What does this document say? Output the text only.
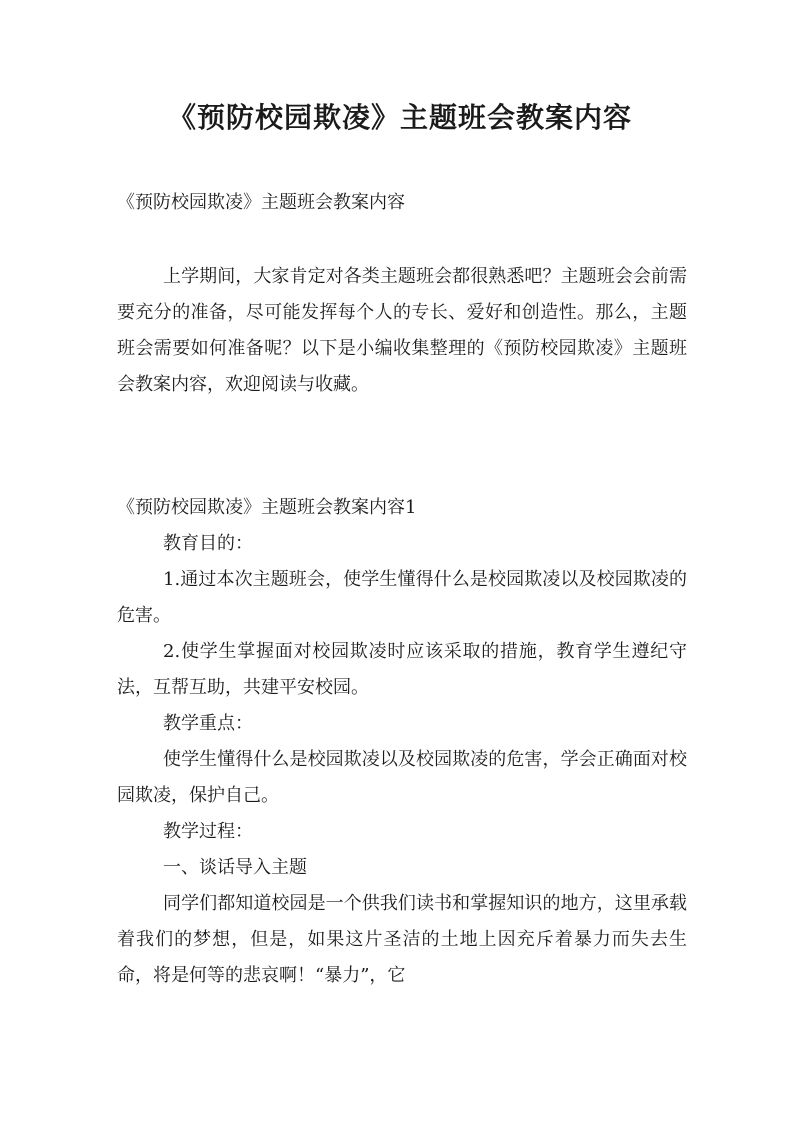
《预防校园欺凌》主题班会教案内容

《预防校园欺凌》主题班会教案内容

上学期间，大家肯定对各类主题班会都很熟悉吧？主题班会会前需要充分的准备，尽可能发挥每个人的专长、爱好和创造性。那么，主题班会需要如何准备呢？以下是小编收集整理的《预防校园欺凌》主题班会教案内容，欢迎阅读与收藏。

《预防校园欺凌》主题班会教案内容1

教育目的：

1.通过本次主题班会，使学生懂得什么是校园欺凌以及校园欺凌的危害。

2.使学生掌握面对校园欺凌时应该采取的措施，教育学生遵纪守法，互帮互助，共建平安校园。

教学重点：

使学生懂得什么是校园欺凌以及校园欺凌的危害，学会正确面对校园欺凌，保护自己。

教学过程：

一、谈话导入主题

同学们都知道校园是一个供我们读书和掌握知识的地方，这里承载着我们的梦想，但是，如果这片圣洁的土地上因充斥着暴力而失去生命，将是何等的悲哀啊！“暴力”，它
